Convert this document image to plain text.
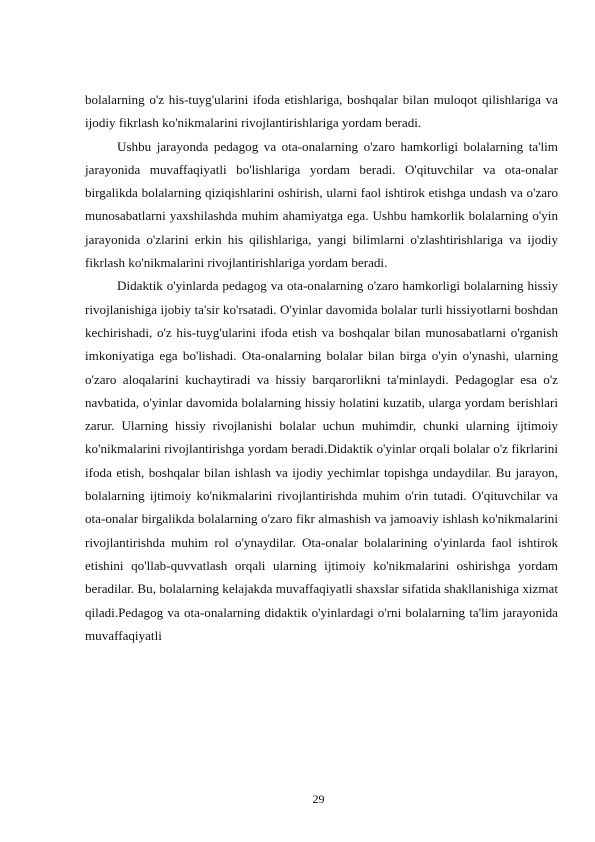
bolalarning o'z his-tuyg'ularini ifoda etishlariga, boshqalar bilan muloqot qilishlariga va ijodiy fikrlash ko'nikmalarini rivojlantirishlariga yordam beradi.

Ushbu jarayonda pedagog va ota-onalarning o'zaro hamkorligi bolalarning ta'lim jarayonida muvaffaqiyatli bo'lishlariga yordam beradi. O'qituvchilar va ota-onalar birgalikda bolalarning qiziqishlarini oshirish, ularni faol ishtirok etishga undash va o'zaro munosabatlarni yaxshilashda muhim ahamiyatga ega. Ushbu hamkorlik bolalarning o'yin jarayonida o'zlarini erkin his qilishlariga, yangi bilimlarni o'zlashtirishlariga va ijodiy fikrlash ko'nikmalarini rivojlantirishlariga yordam beradi.

Didaktik o'yinlarda pedagog va ota-onalarning o'zaro hamkorligi bolalarning hissiy rivojlanishiga ijobiy ta'sir ko'rsatadi. O'yinlar davomida bolalar turli hissiyotlarni boshdan kechirishadi, o'z his-tuyg'ularini ifoda etish va boshqalar bilan munosabatlarni o'rganish imkoniyatiga ega bo'lishadi. Ota-onalarning bolalar bilan birga o'yin o'ynashi, ularning o'zaro aloqalarini kuchaytiradi va hissiy barqarorlikni ta'minlaydi. Pedagoglar esa o'z navbatida, o'yinlar davomida bolalarning hissiy holatini kuzatib, ularga yordam berishlari zarur. Ularning hissiy rivojlanishi bolalar uchun muhimdir, chunki ularning ijtimoiy ko'nikmalarini rivojlantirishga yordam beradi.Didaktik o'yinlar orqali bolalar o'z fikrlarini ifoda etish, boshqalar bilan ishlash va ijodiy yechimlar topishga undaydilar. Bu jarayon, bolalarning ijtimoiy ko'nikmalarini rivojlantirishda muhim o'rin tutadi. O'qituvchilar va ota-onalar birgalikda bolalarning o'zaro fikr almashish va jamoaviy ishlash ko'nikmalarini rivojlantirishda muhim rol o'ynaydilar. Ota-onalar bolalarining o'yinlarda faol ishtirok etishini qo'llab-quvvatlash orqali ularning ijtimoiy ko'nikmalarini oshirishga yordam beradilar. Bu, bolalarning kelajakda muvaffaqiyatli shaxslar sifatida shakllanishiga xizmat qiladi.Pedagog va ota-onalarning didaktik o'yinlardagi o'rni bolalarning ta'lim jarayonida muvaffaqiyatli

29
